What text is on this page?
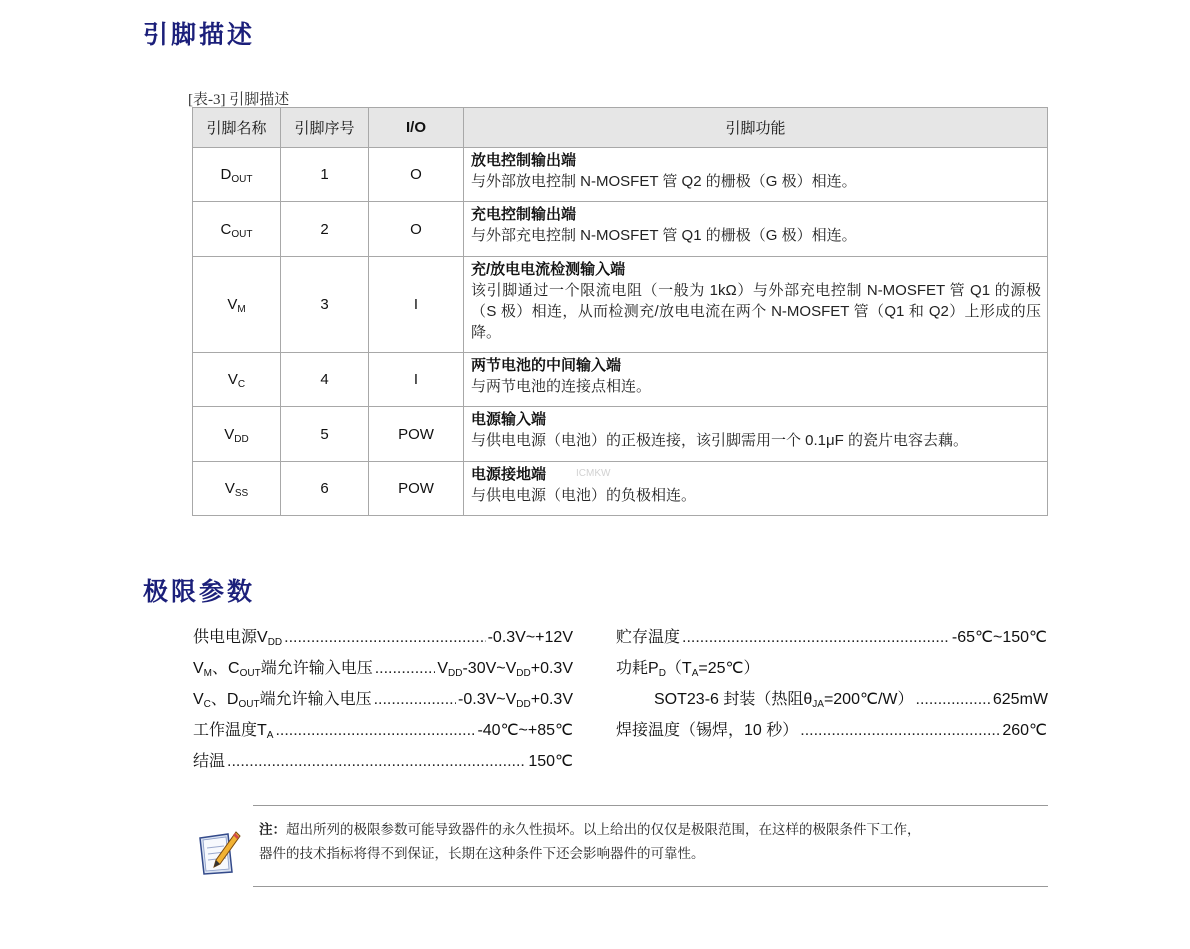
引脚描述
[表-3] 引脚描述
引脚名称	引脚序号	I/O	引脚功能
$D_{OUT}$	1	O	放电控制输出端
与外部放电控制 N-MOSFET 管 Q2 的栅极（G 极）相连。

$C_{OUT}$	2	O	充电控制输出端
与外部充电控制 N-MOSFET 管 Q1 的栅极（G 极）相连。

$V_M$	3	I	充/放电电流检测输入端
该引脚通过一个限流电阻（一般为 1kΩ）与外部充电控制 N-MOSFET 管 Q1 的源极（S 极）相连，从而检测充/放电电流在两个 N-MOSFET 管（Q1 和 Q2）上形成的压降。

$V_C$	4	I	两节电池的中间输入端
与两节电池的连接点相连。

$V_{DD}$	5	POW	电源输入端
与供电电源（电池）的正极连接，该引脚需用一个 0.1μF 的瓷片电容去藕。

$V_{SS}$	6	POW	电源接地端
与供电电源（电池）的负极相连。
ICMKW
极限参数
供电电源$V_{DD}$ .....	-0.3V~+12V
$V_M$、$C_{OUT}$端允许输入电压 .....	$V_{DD}-30V\sim V_{DD}+0.3V$
$V_C$、$D_{OUT}$端允许输入电压 .....	$-0.3V\sim V_{DD}+0.3V$
工作温度$T_A$ .....	-40℃~+85℃
结温 .....	150℃
贮存温度 .....	-65℃~150℃
功耗$P_D(T_A=25℃)$
SOT23-6 封装（热阻$\theta_{JA}=200℃/W$） .....	625mW
焊接温度（锡焊，10 秒） .....	260℃
注：超出所列的极限参数可能导致器件的永久性损坏。以上给出的仅仅是极限范围，在这样的极限条件下工作，
器件的技术指标将得不到保证，长期在这种条件下还会影响器件的可靠性。
